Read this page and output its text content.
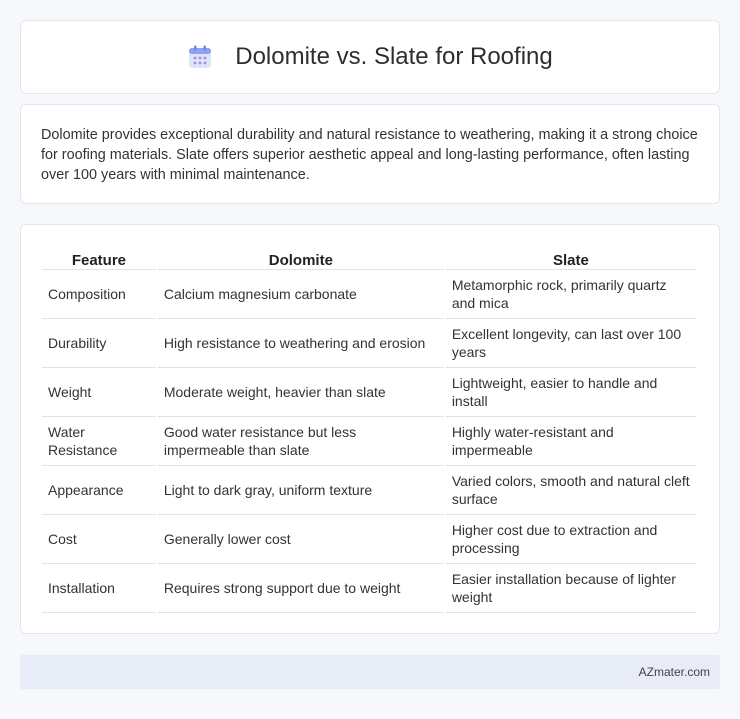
Dolomite vs. Slate for Roofing

Dolomite provides exceptional durability and natural resistance to weathering, making it a strong choice for roofing materials. Slate offers superior aesthetic appeal and long-lasting performance, often lasting over 100 years with minimal maintenance.

Feature	Dolomite	Slate
Composition	Calcium magnesium carbonate	Metamorphic rock, primarily quartz and mica
Durability	High resistance to weathering and erosion	Excellent longevity, can last over 100 years
Weight	Moderate weight, heavier than slate	Lightweight, easier to handle and install
Water Resistance	Good water resistance but less impermeable than slate	Highly water-resistant and impermeable
Appearance	Light to dark gray, uniform texture	Varied colors, smooth and natural cleft surface
Cost	Generally lower cost	Higher cost due to extraction and processing
Installation	Requires strong support due to weight	Easier installation because of lighter weight
AZmater.com
